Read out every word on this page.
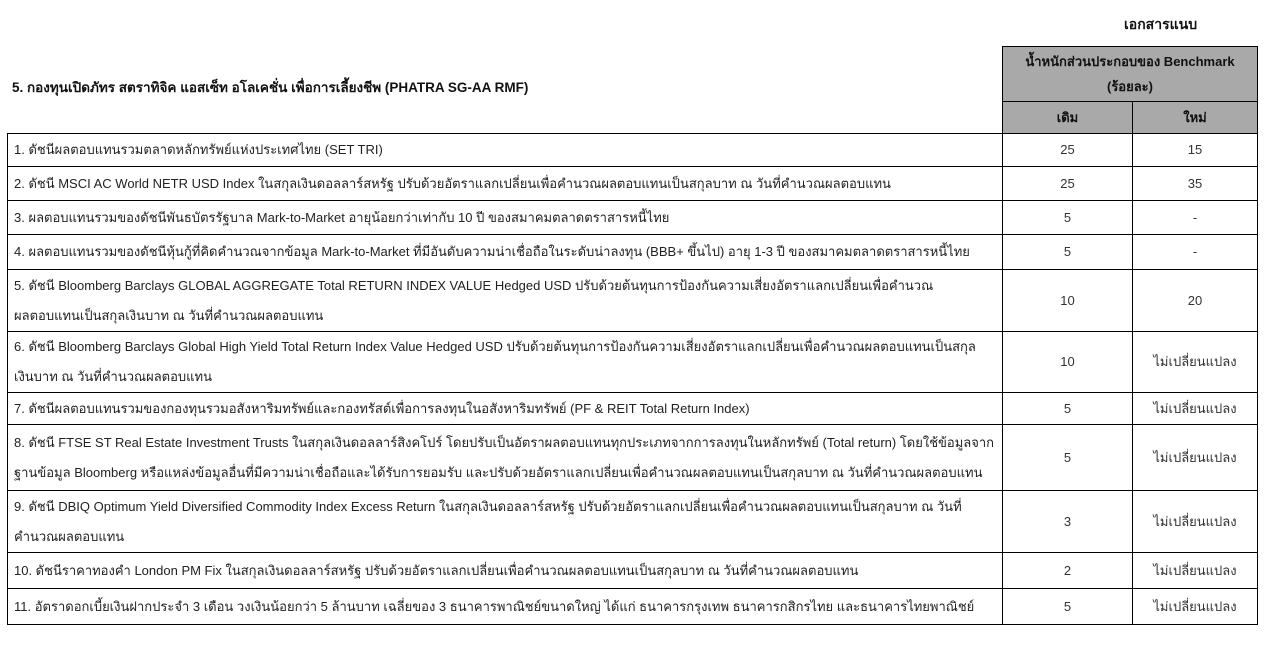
เอกสารแนบ
5. กองทุนเปิดภัทร สตราทิจิค แอสเซ็ท อโลเคชั่น เพื่อการเลี้ยงชีพ (PHATRA SG-AA RMF)
	น้ำหนักส่วนประกอบของ Benchmark
(ร้อยละ)	
	เดิม	ใหม่
1. ดัชนีผลตอบแทนรวมตลาดหลักทรัพย์แห่งประเทศไทย (SET TRI)	25	15
2. ดัชนี MSCI AC World NETR USD Index ในสกุลเงินดอลลาร์สหรัฐ ปรับด้วยอัตราแลกเปลี่ยนเพื่อคำนวณผลตอบแทนเป็นสกุลบาท ณ วันที่คำนวณผลตอบแทน	25	35
3. ผลตอบแทนรวมของดัชนีพันธบัตรรัฐบาล Mark-to-Market อายุน้อยกว่าเท่ากับ 10 ปี ของสมาคมตลาดตราสารหนี้ไทย	5	-
4. ผลตอบแทนรวมของดัชนีหุ้นกู้ที่คิดคำนวณจากข้อมูล Mark-to-Market ที่มีอันดับความน่าเชื่อถือในระดับน่าลงทุน (BBB+ ขึ้นไป) อายุ 1-3 ปี ของสมาคมตลาดตราสารหนี้ไทย	5	-
5. ดัชนี Bloomberg Barclays GLOBAL AGGREGATE Total RETURN INDEX VALUE Hedged USD ปรับด้วยต้นทุนการป้องกันความเสี่ยงอัตราแลกเปลี่ยนเพื่อคำนวณ
ผลตอบแทนเป็นสกุลเงินบาท ณ วันที่คำนวณผลตอบแทน	10	20
6. ดัชนี Bloomberg Barclays Global High Yield Total Return Index Value Hedged USD ปรับด้วยต้นทุนการป้องกันความเสี่ยงอัตราแลกเปลี่ยนเพื่อคำนวณผลตอบแทนเป็นสกุล
เงินบาท ณ วันที่คำนวณผลตอบแทน	10	ไม่เปลี่ยนแปลง
7. ดัชนีผลตอบแทนรวมของกองทุนรวมอสังหาริมทรัพย์และกองทรัสต์เพื่อการลงทุนในอสังหาริมทรัพย์ (PF & REIT Total Return Index)	5	ไม่เปลี่ยนแปลง
8. ดัชนี FTSE ST Real Estate Investment Trusts ในสกุลเงินดอลลาร์สิงคโปร์ โดยปรับเป็นอัตราผลตอบแทนทุกประเภทจากการลงทุนในหลักทรัพย์ (Total return) โดยใช้ข้อมูลจาก
ฐานข้อมูล Bloomberg หรือแหล่งข้อมูลอื่นที่มีความน่าเชื่อถือและได้รับการยอมรับ และปรับด้วยอัตราแลกเปลี่ยนเพื่อคำนวณผลตอบแทนเป็นสกุลบาท ณ วันที่คำนวณผลตอบแทน	5	ไม่เปลี่ยนแปลง
9. ดัชนี DBIQ Optimum Yield Diversified Commodity Index Excess Return ในสกุลเงินดอลลาร์สหรัฐ ปรับด้วยอัตราแลกเปลี่ยนเพื่อคำนวณผลตอบแทนเป็นสกุลบาท ณ วันที่
คำนวณผลตอบแทน	3	ไม่เปลี่ยนแปลง
10. ดัชนีราคาทองคำ London PM Fix ในสกุลเงินดอลลาร์สหรัฐ ปรับด้วยอัตราแลกเปลี่ยนเพื่อคำนวณผลตอบแทนเป็นสกุลบาท ณ วันที่คำนวณผลตอบแทน	2	ไม่เปลี่ยนแปลง
11. อัตราดอกเบี้ยเงินฝากประจำ 3 เดือน วงเงินน้อยกว่า 5 ล้านบาท เฉลี่ยของ 3 ธนาคารพาณิชย์ขนาดใหญ่ ได้แก่ ธนาคารกรุงเทพ ธนาคารกสิกรไทย และธนาคารไทยพาณิชย์	5	ไม่เปลี่ยนแปลง
